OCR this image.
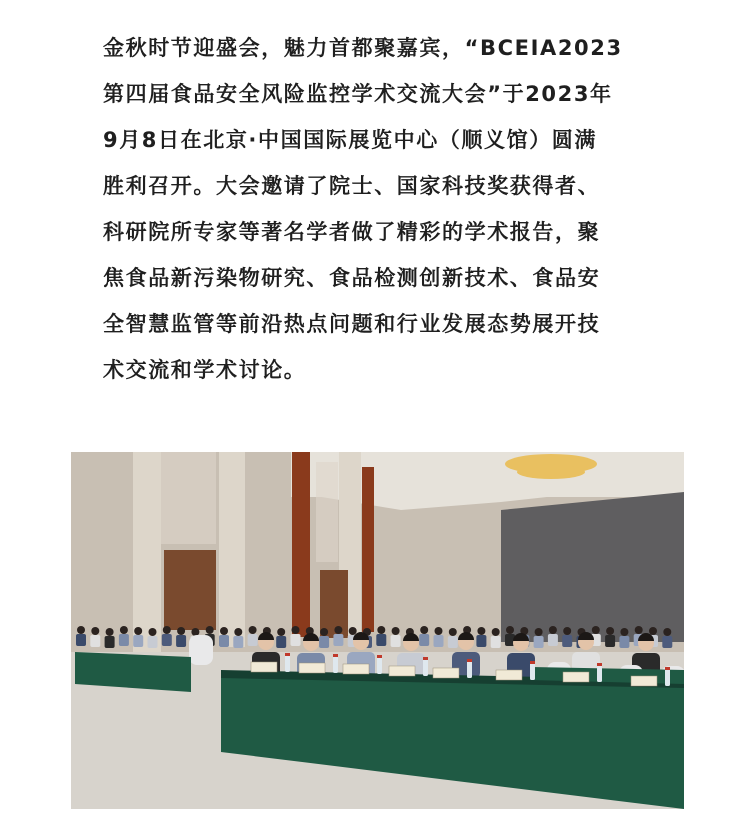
金秋时节迎盛会，魅力首都聚嘉宾，“BCEIA2023
第四届食品安全风险监控学术交流大会”于2023年
9月8日在北京·中国国际展览中心（顺义馆）圆满
胜利召开。大会邀请了院士、国家科技奖获得者、
科研院所专家等著名学者做了精彩的学术报告，聚
焦食品新污染物研究、食品检测创新技术、食品安
全智慧监管等前沿热点问题和行业发展态势展开技
术交流和学术讨论。
